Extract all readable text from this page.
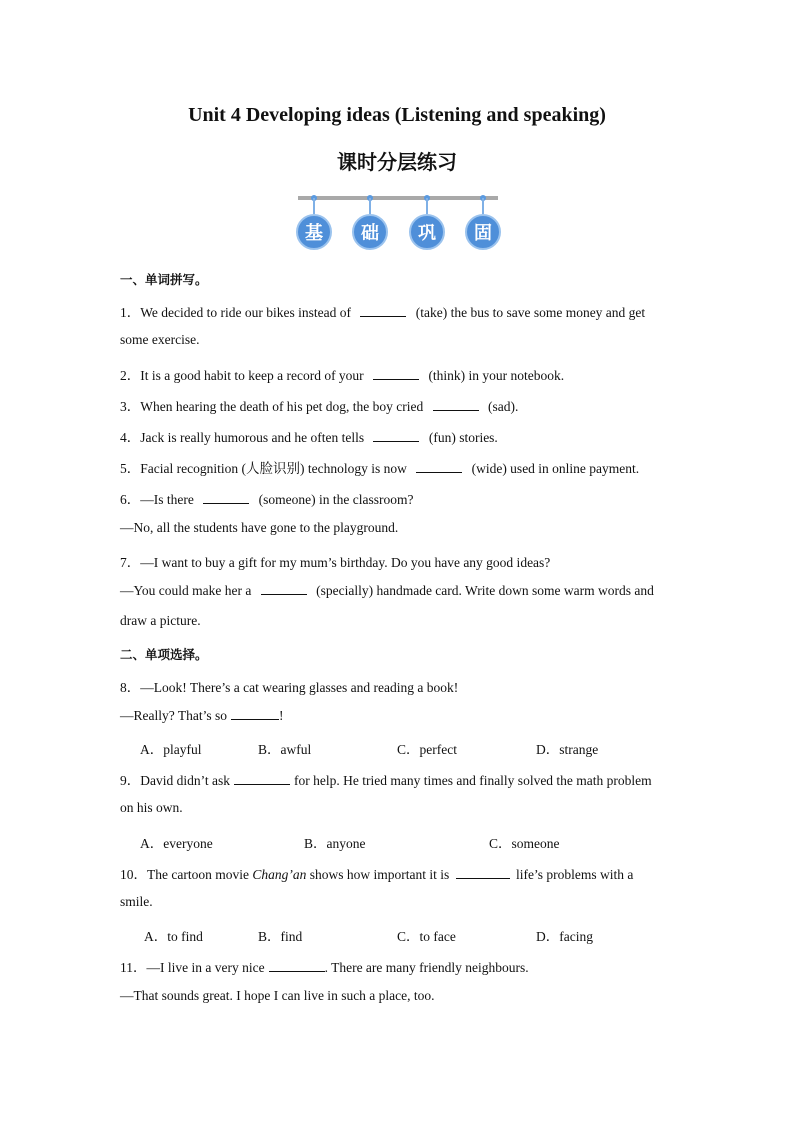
Unit 4 Developing ideas (Listening and speaking)
课时分层练习
基	础	巩	固
一、单词拼写。
1．We decided to ride our bikes instead of	(take) the bus to save some money and get
some exercise.
2．It is a good habit to keep a record of your	(think) in your notebook.
3．When hearing the death of his pet dog, the boy cried	(sad).
4．Jack is really humorous and he often tells	(fun) stories.
5．Facial recognition (人脸识别) technology is now	(wide) used in online payment.
6．—Is there	(someone) in the classroom?
—No, all the students have gone to the playground.
7．—I want to buy a gift for my mum’s birthday. Do you have any good ideas?
—You could make her a	(specially) handmade card. Write down some warm words and
draw a picture.
二、单项选择。
8．—Look! There’s a cat wearing glasses and reading a book!
—Really? That’s so	!
A．playful	B．awful	C．perfect	D．strange
9．David didn’t ask	for help. He tried many times and finally solved the math problem
on his own.
A．everyone	B．anyone	C．someone
10．The cartoon movie Chang’an shows how important it is	life’s problems with a
smile.
A．to find	B．find	C．to face	D．facing
11．—I live in a very nice	. There are many friendly neighbours.
—That sounds great. I hope I can live in such a place, too.
